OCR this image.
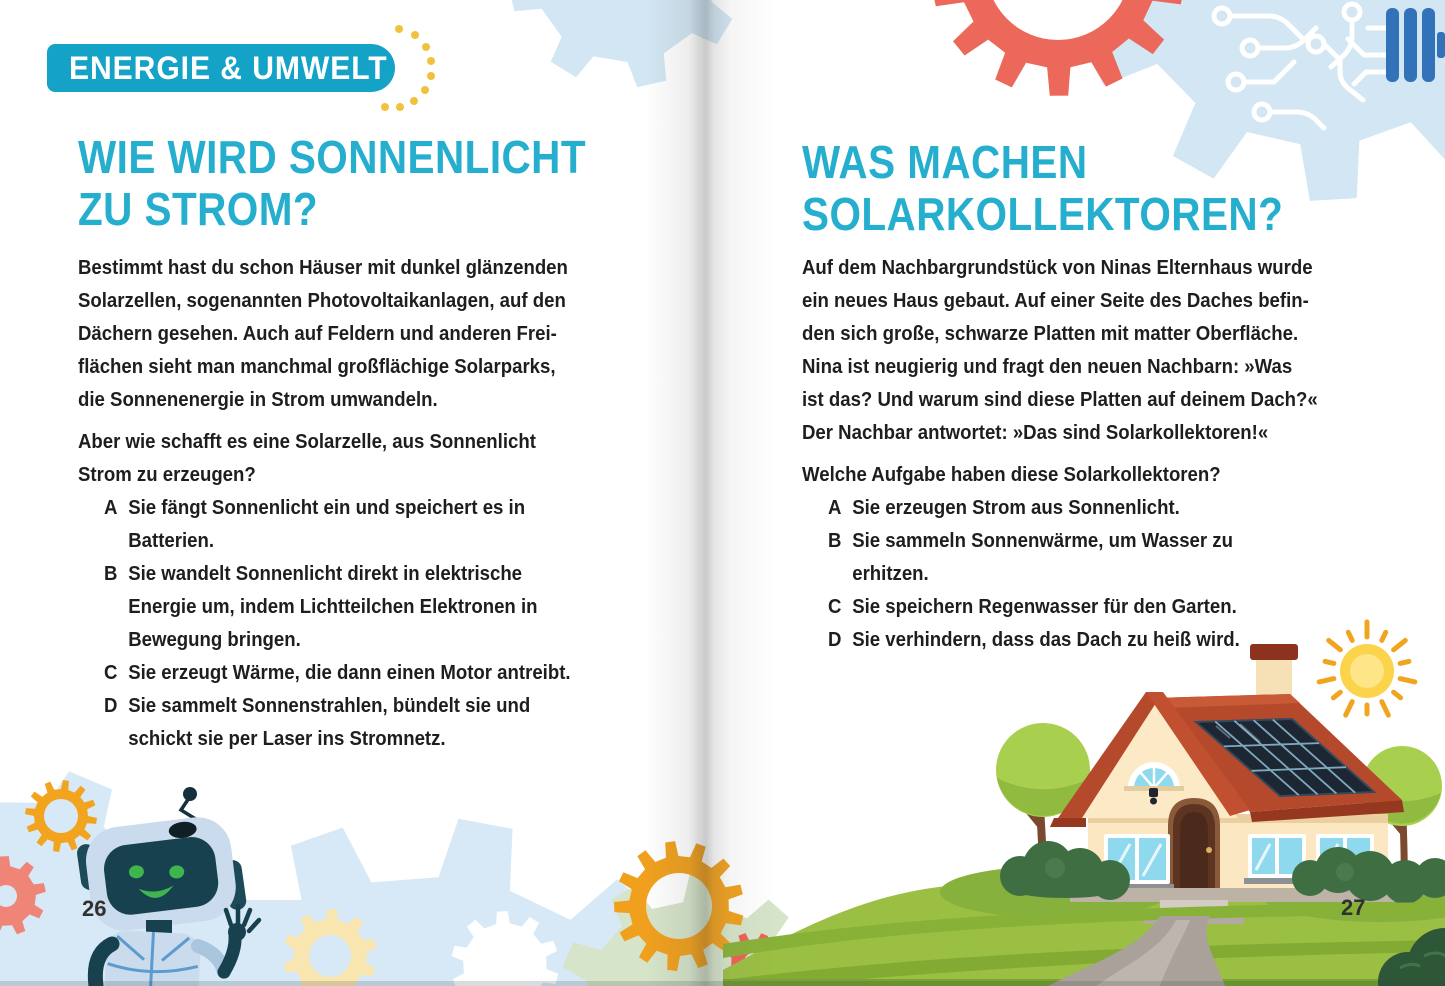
ENERGIE & UMWELT
WIE WIRD SONNENLICHT
ZU STROM?
Bestimmt hast du schon Häuser mit dunkel glänzenden
Solarzellen, sogenannten Photovoltaikanlagen, auf den
Dächern gesehen. Auch auf Feldern und anderen Frei-
flächen sieht man manchmal großflächige Solarparks,
die Sonnenenergie in Strom umwandeln.
Aber wie schafft es eine Solarzelle, aus Sonnenlicht
Strom zu erzeugen?
A Sie fängt Sonnenlicht ein und speichert es in
Batterien.
B Sie wandelt Sonnenlicht direkt in elektrische
Energie um, indem Lichtteilchen Elektronen in
Bewegung bringen.
C Sie erzeugt Wärme, die dann einen Motor antreibt.
D Sie sammelt Sonnenstrahlen, bündelt sie und
schickt sie per Laser ins Stromnetz.
WAS MACHEN
SOLARKOLLEKTOREN?
Auf dem Nachbargrundstück von Ninas Elternhaus wurde
ein neues Haus gebaut. Auf einer Seite des Daches befin-
den sich große, schwarze Platten mit matter Oberfläche.
Nina ist neugierig und fragt den neuen Nachbarn: »Was
ist das? Und warum sind diese Platten auf deinem Dach?«
Der Nachbar antwortet: »Das sind Solarkollektoren!«
Welche Aufgabe haben diese Solarkollektoren?
A Sie erzeugen Strom aus Sonnenlicht.
B Sie sammeln Sonnenwärme, um Wasser zu
erhitzen.
C Sie speichern Regenwasser für den Garten.
D Sie verhindern, dass das Dach zu heiß wird.
26	27
